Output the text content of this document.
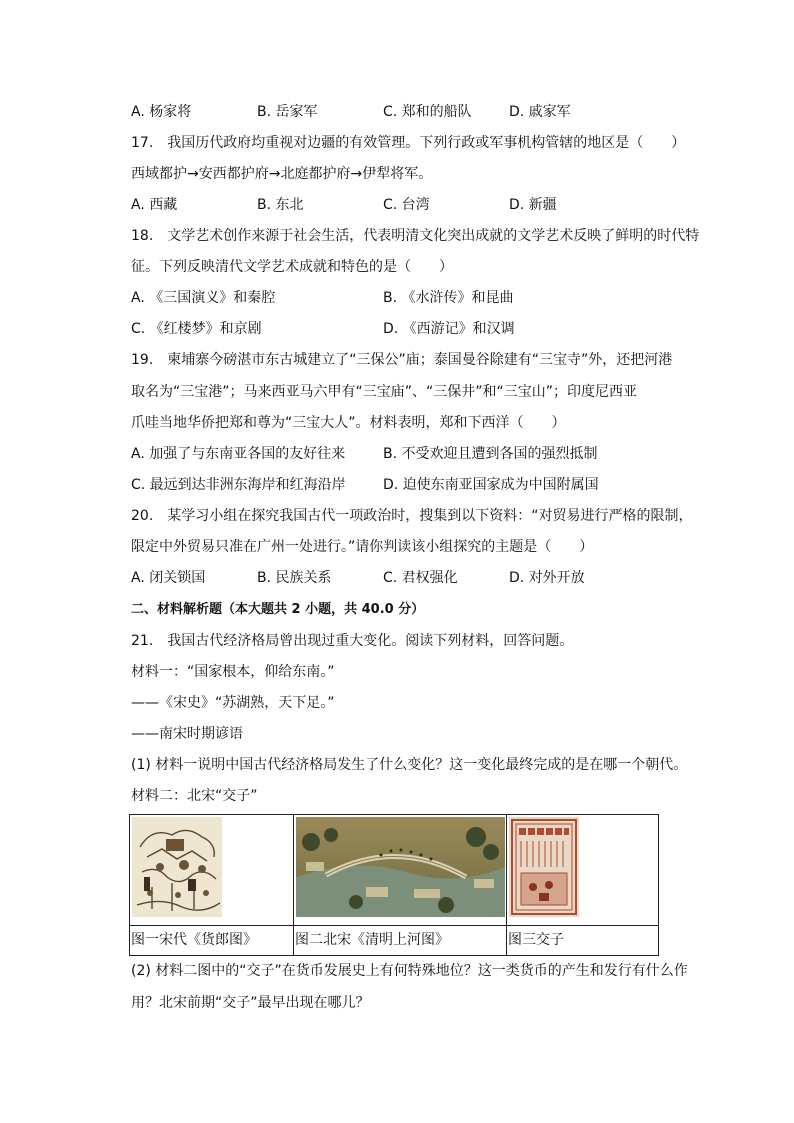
A. 杨家将	B. 岳家军	C. 郑和的船队	D. 戚家军
17.　我国历代政府均重视对边疆的有效管理。下列行政或军事机构管辖的地区是（　　）
西域都护→安西都护府→北庭都护府→伊犁将军。
A. 西藏	B. 东北	C. 台湾	D. 新疆
18.　文学艺术创作来源于社会生活，代表明清文化突出成就的文学艺术反映了鲜明的时代特
征。下列反映清代文学艺术成就和特色的是（　　）
A. 《三国演义》和秦腔	B. 《水浒传》和昆曲
C. 《红楼梦》和京剧	D. 《西游记》和汉调
19.　柬埔寨今磅湛市东古城建立了“三保公”庙；泰国曼谷除建有“三宝寺”外，还把河港
取名为“三宝港”；马来西亚马六甲有“三宝庙”、“三保井”和“三宝山”；印度尼西亚
爪哇当地华侨把郑和尊为“三宝大人”。材料表明，郑和下西洋（　　）
A. 加强了与东南亚各国的友好往来	B. 不受欢迎且遭到各国的强烈抵制
C. 最远到达非洲东海岸和红海沿岸	D. 迫使东南亚国家成为中国附属国
20.　某学习小组在探究我国古代一项政治时，搜集到以下资料：“对贸易进行严格的限制，
限定中外贸易只准在广州一处进行。”请你判读该小组探究的主题是（　　）
A. 闭关锁国	B. 民族关系	C. 君权强化	D. 对外开放
二、材料解析题（本大题共 2 小题，共 40.0 分）
21.　我国古代经济格局曾出现过重大变化。阅读下列材料，回答问题。
材料一：“国家根本，仰给东南。”
——《宋史》“苏湖熟，天下足。”
——南宋时期谚语
(1) 材料一说明中国古代经济格局发生了什么变化？这一变化最终完成的是在哪一个朝代。
材料二：北宋“交子”

图一宋代《货郎图》	图二北宋《清明上河图》	图三交子
(2) 材料二图中的“交子”在货币发展史上有何特殊地位？这一类货币的产生和发行有什么作
用？北宋前期“交子”最早出现在哪儿？
